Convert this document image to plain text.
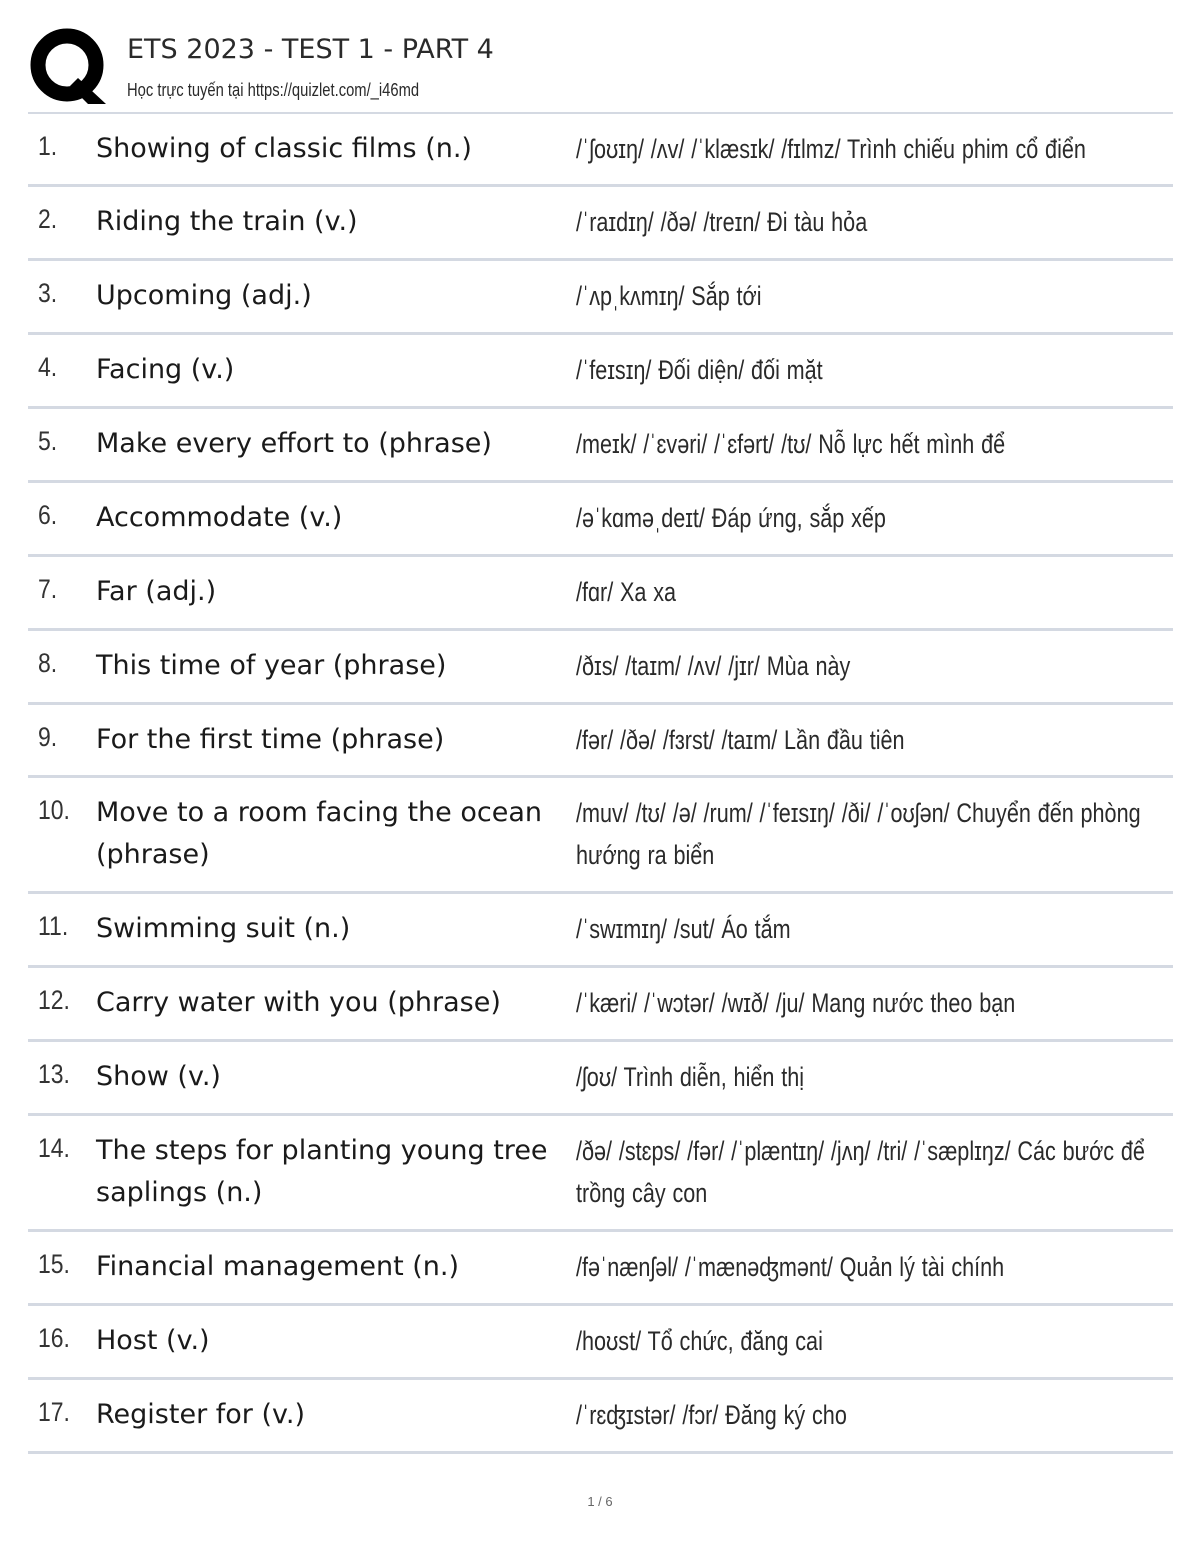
ETS 2023 - TEST 1 - PART 4
Học trực tuyến tại https://quizlet.com/_i46md
1. Showing of classic films (n.)	/ˈʃoʊɪŋ/ /ʌv/ /ˈklæsɪk/ /fɪlmz/ Trình chiếu phim cổ điển
2. Riding the train (v.)	/ˈraɪdɪŋ/ /ðə/ /treɪn/ Đi tàu hỏa
3. Upcoming (adj.)	/ˈʌpˌkʌmɪŋ/ Sắp tới
4. Facing (v.)	/ˈfeɪsɪŋ/ Đối diện/ đối mặt
5. Make every effort to (phrase)	/meɪk/ /ˈɛvəri/ /ˈɛfərt/ /tʊ/ Nỗ lực hết mình để
6. Accommodate (v.)	/əˈkɑməˌdeɪt/ Đáp ứng, sắp xếp
7. Far (adj.)	/fɑr/ Xa xa
8. This time of year (phrase)	/ðɪs/ /taɪm/ /ʌv/ /jɪr/ Mùa này
9. For the first time (phrase)	/fər/ /ðə/ /fɜrst/ /taɪm/ Lần đầu tiên
10. Move to a room facing the ocean (phrase)
/muv/ /tʊ/ /ə/ /rum/ /ˈfeɪsɪŋ/ /ði/ /ˈoʊʃən/ Chuyển đến phòng hướng ra biển
11. Swimming suit (n.)	/ˈswɪmɪŋ/ /sut/ Áo tắm
12. Carry water with you (phrase)	/ˈkæri/ /ˈwɔtər/ /wɪð/ /ju/ Mang nước theo bạn
13. Show (v.)	/ʃoʊ/ Trình diễn, hiển thị
14. The steps for planting young tree saplings (n.)
/ðə/ /stɛps/ /fər/ /ˈplæntɪŋ/ /jʌŋ/ /tri/ /ˈsæplɪŋz/ Các bước để trồng cây con
15. Financial management (n.)	/fəˈnænʃəl/ /ˈmænəʤmənt/ Quản lý tài chính
16. Host (v.)	/hoʊst/ Tổ chức, đăng cai
17. Register for (v.)	/ˈrɛʤɪstər/ /fɔr/ Đăng ký cho
1 / 6
